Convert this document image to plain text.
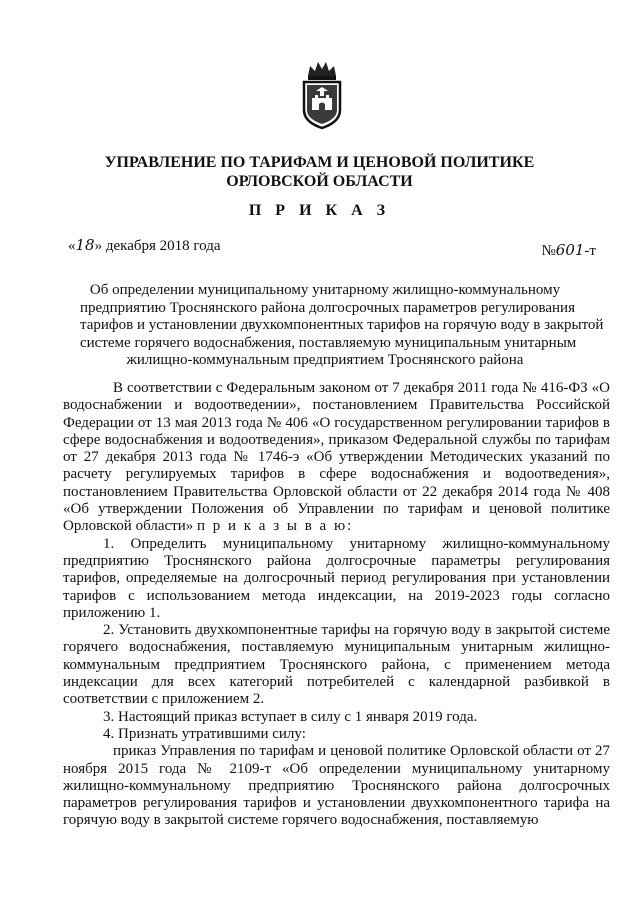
УПРАВЛЕНИЕ ПО ТАРИФАМ И ЦЕНОВОЙ ПОЛИТИКЕ
ОРЛОВСКОЙ ОБЛАСТИ
П Р И К А З
«18» декабря 2018 года	№601-т
Об определении муниципальному унитарному жилищно-коммунальному
предприятию Троснянского района долгосрочных параметров регулирования
тарифов и установлении двухкомпонентных тарифов на горячую воду в закрытой
системе горячего водоснабжения, поставляемую муниципальным унитарным
жилищно-коммунальным предприятием Троснянского района

В соответствии с Федеральным законом от 7 декабря 2011 года № 416-ФЗ «О водоснабжении и водоотведении», постановлением Правительства Российской Федерации от 13 мая 2013 года № 406 «О государственном регулировании тарифов в сфере водоснабжения и водоотведения», приказом Федеральной службы по тарифам от 27 декабря 2013 года № 1746-э «Об утверждении Методических указаний по расчету регулируемых тарифов в сфере водоснабжения и водоотведения», постановлением Правительства Орловской области от 22 декабря 2014 года № 408 «Об утверждении Положения об Управлении по тарифам и ценовой политике Орловской области» п р и к а з ы в а ю:

1. Определить муниципальному унитарному жилищно-коммунальному предприятию Троснянского района долгосрочные параметры регулирования тарифов, определяемые на долгосрочный период регулирования при установлении тарифов с использованием метода индексации, на 2019-2023 годы согласно приложению 1.

2. Установить двухкомпонентные тарифы на горячую воду в закрытой системе горячего водоснабжения, поставляемую муниципальным унитарным жилищно-коммунальным предприятием Троснянского района, с применением метода индексации для всех категорий потребителей с календарной разбивкой в соответствии с приложением 2.

3. Настоящий приказ вступает в силу с 1 января 2019 года.

4. Признать утратившими силу:

приказ Управления по тарифам и ценовой политике Орловской области от 27 ноября 2015 года № 2109-т «Об определении муниципальному унитарному жилищно-коммунальному предприятию Троснянского района долгосрочных параметров регулирования тарифов и установлении двухкомпонентного тарифа на горячую воду в закрытой системе горячего водоснабжения, поставляемую
